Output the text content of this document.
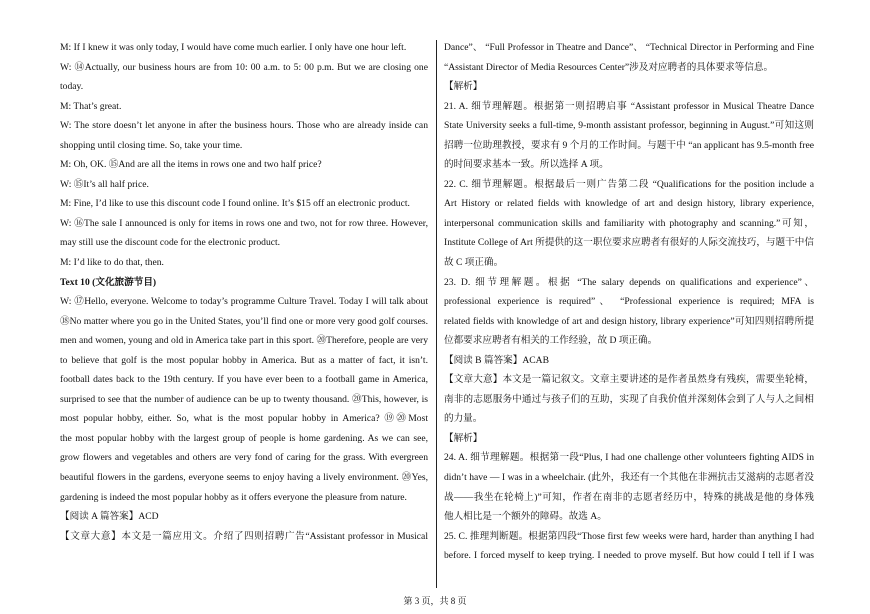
M: If I knew it was only today, I would have come much earlier. I only have one hour left.
W: ⑭Actually, our business hours are from 10: 00 a.m. to 5: 00 p.m. But we are closing one
today.
M: That’s great.
W: The store doesn’t let anyone in after the business hours. Those who are already inside can
shopping until closing time. So, take your time.
M: Oh, OK. ⑮And are all the items in rows one and two half price?
W: ⑮It’s all half price.
M: Fine, I’d like to use this discount code I found online. It’s $15 off an electronic product.
W: ⑯The sale I announced is only for items in rows one and two, not for row three. However,
may still use the discount code for the electronic product.
M: I’d like to do that, then.
Text 10 (文化旅游节目)
W: ⑰Hello, everyone. Welcome to today’s programme Culture Travel. Today I will talk about
⑱No matter where you go in the United States, you’ll find one or more very good golf courses.
men and women, young and old in America take part in this sport. ⑳Therefore, people are very
to believe that golf is the most popular hobby in America. But as a matter of fact, it isn’t.
football dates back to the 19th century. If you have ever been to a football game in America,
surprised to see that the number of audience can be up to twenty thousand. ⑳This, however, is
most popular hobby, either. So, what is the most popular hobby in America? ⑲⑳Most
the most popular hobby with the largest group of people is home gardening. As we can see,
grow flowers and vegetables and others are very fond of caring for the grass. With evergreen
beautiful flowers in the gardens, everyone seems to enjoy having a lively environment. ⑳Yes,
gardening is indeed the most popular hobby as it offers everyone the pleasure from nature.
【阅读 A 篇答案】ACD
【文章大意】本文是一篇应用文。介绍了四则招聘广告“Assistant professor in Musical
Dance”、 “Full Professor in Theatre and Dance”、 “Technical Director in Performing and Fine
“Assistant Director of Media Resources Center”涉及对应聘者的具体要求等信息。
【解析】
21. A. 细节理解题。根据第一则招聘启事 “Assistant professor in Musical Theatre Dance
State University seeks a full-time, 9-month assistant professor, beginning in August.”可知这则
招聘一位助理教授，要求有 9 个月的工作时间。与题干中 “an applicant has 9.5-month free
的时间要求基本一致。所以选择 A 项。
22. C. 细节理解题。根据最后一则广告第二段 “Qualifications for the position include a
Art History or related fields with knowledge of art and design history, library experience,
interpersonal communication skills and familiarity with photography and scanning.”可知，
Institute College of Art 所提供的这一职位要求应聘者有很好的人际交流技巧，与题干中信
故 C 项正确。
23. D. 细节理解题。根据 “The salary depends on qualifications and experience”、
professional experience is required”、 “Professional experience is required; MFA is
related fields with knowledge of art and design history, library experience”可知四则招聘所提
位都要求应聘者有相关的工作经验，故 D 项正确。
【阅读 B 篇答案】ACAB
【文章大意】本文是一篇记叙文。文章主要讲述的是作者虽然身有残疾，需要坐轮椅，
南非的志愿服务中通过与孩子们的互助，实现了自我价值并深刻体会到了人与人之间相
的力量。
【解析】
24. A. 细节理解题。根据第一段“Plus, I had one challenge other volunteers fighting AIDS in
didn’t have — I was in a wheelchair. (此外，我还有一个其他在非洲抗击艾滋病的志愿者没
战——我坐在轮椅上)”可知，作者在南非的志愿者经历中，特殊的挑战是他的身体残
他人相比是一个额外的障碍。故选 A。
25. C. 推理判断题。根据第四段“Those first few weeks were hard, harder than anything I had
before. I forced myself to keep trying. I needed to prove myself. But how could I tell if I was
第 3 页，共 8 页
